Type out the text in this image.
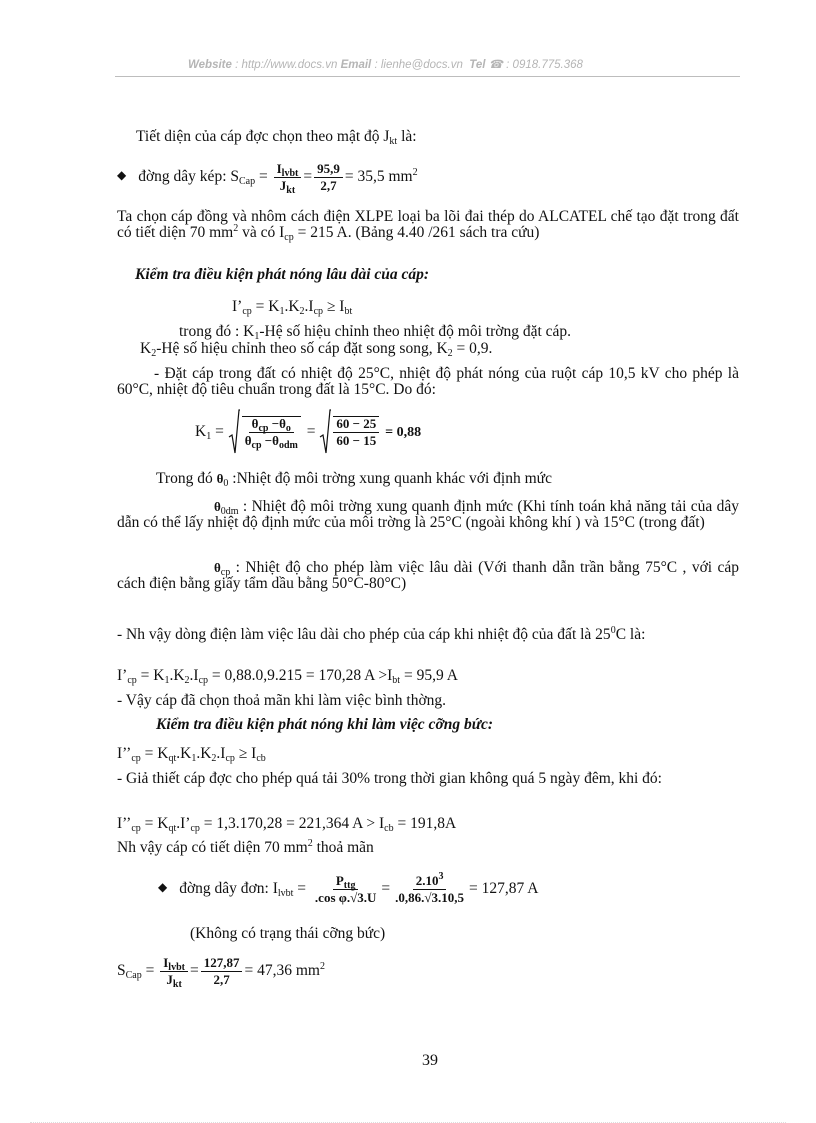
Website : http://www.docs.vn Email : lienhe@docs.vn Tel ☎ : 0918.775.368
Tiết diện của cáp đợc chọn theo mật độ $J_{kt}$ là:
◆ đờng dây kép: $S_{Cap} = \frac{I_{lvbt}}{J_{kt}} = \frac{95,9}{2,7} = 35,5$ $mm^2$
Ta chọn cáp đồng và nhôm cách điện XLPE loại ba lõi đai thép do ALCATEL chế tạo đặt trong đất có tiết diện 70 $mm^2$ và có $I_{cp} = 215$ A. (Bảng 4.40 /261 sách tra cứu)
Kiểm tra điều kiện phát nóng lâu dài của cáp:
$I’_{cp} = K_1.K_2.I_{cp} \ge I_{bt}$
trong đó : $K_1-Hệ$ số hiệu chỉnh theo nhiệt độ môi trờng đặt cáp.
$K_2-Hệ$ số hiệu chỉnh theo số cáp đặt song song, $K_2 = 0,9$.
- Đặt cáp trong đất có nhiệt độ 25°C, nhiệt độ phát nóng của ruột cáp 10,5 kV cho phép là 60°C, nhiệt độ tiêu chuẩn trong đất là 15°C. Do đó:
$K_1 = \frac{\theta_{cp} -\theta_o}{\theta_{cp} -\theta_{odm}} = \frac{60 - 25}{60 - 15} = 0,88$
Trong đó $\theta_0$ :Nhiệt độ môi trờng xung quanh khác với định mức
$\theta_{0dm}$ : Nhiệt độ môi trờng xung quanh định mức (Khi tính toán khả năng tải của dây dẫn có thể lấy nhiệt độ định mức của môi trờng là 25°C (ngoài không khí ) và 15°C (trong đất)
$\theta_{cp}$ : Nhiệt độ cho phép làm việc lâu dài (Với thanh dẫn trần bằng 75°C , với cáp cách điện bằng giấy tẩm dầu bằng 50°C-80°C)
- Nh vậy dòng điện làm việc lâu dài cho phép của cáp khi nhiệt độ của đất là $25^0C$ là:
$I’_{cp} = K_1.K_2.I_{cp} = 0,88.0,9.215 = 170,28$ $A >I_{bt} = 95,9$ A
- Vậy cáp đã chọn thoả mãn khi làm việc bình thờng.
Kiểm tra điều kiện phát nóng khi làm việc cỡng bức:
$I’’_{cp} = K_{qt}.K_1.K_2.I_{cp} \ge I_{cb}$
- Giả thiết cáp đợc cho phép quá tải 30% trong thời gian không quá 5 ngày đêm, khi đó:
$I’’_{cp}$ = $K_{qt}.I’_{cp} = 1,3.170,28 = 221,364$ $A > I_{cb} = 191,8A$
Nh vậy cáp có tiết diện 70 $mm^2$ thoả mãn
◆ đờng dây đơn: $I_{lvbt} = \frac{P_{ttg}}{\text{.cos φ.√3.U}} = \frac{2.10^3}{.0,86.√3.10,5} = 127,87$ A
(Không có trạng thái cỡng bức)
$S_{Cap} = \frac{I_{lvbt}}{J_{kt}} = \frac{127,87}{2,7} = 47,36$ $mm^2$
39
